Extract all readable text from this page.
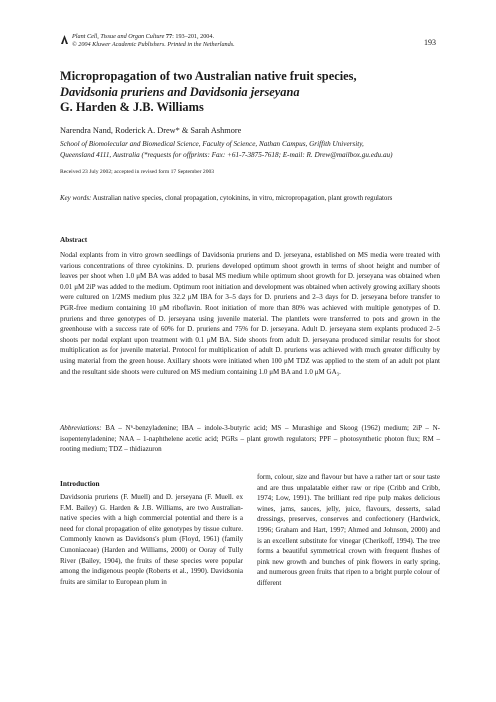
Plant Cell, Tissue and Organ Culture 77: 193–201, 2004.
© 2004 Kluwer Academic Publishers. Printed in the Netherlands.	193
Micropropagation of two Australian native fruit species,
Davidsonia pruriens and Davidsonia jerseyana
G. Harden & J.B. Williams
Narendra Nand, Roderick A. Drew* & Sarah Ashmore
School of Biomolecular and Biomedical Science, Faculty of Science, Nathan Campus, Griffith University,
Queensland 4111, Australia (*requests for offprints: Fax: +61-7-3875-7618; E-mail: R. Drew@mailbox.gu.edu.au)
Received 23 July 2002; accepted in revised form 17 September 2003
Key words: Australian native species, clonal propagation, cytokinins, in vitro, micropropagation, plant growth regulators
Abstract
Nodal explants from in vitro grown seedlings of Davidsonia pruriens and D. jerseyana, established on MS media were treated with various concentrations of three cytokinins. D. pruriens developed optimum shoot growth in terms of shoot height and number of leaves per shoot when 1.0 μM BA was added to basal MS medium while optimum shoot growth for D. jerseyana was obtained when 0.01 μM 2iP was added to the medium. Optimum root initiation and development was obtained when actively growing axillary shoots were cultured on 1/2MS medium plus 32.2 μM IBA for 3–5 days for D. pruriens and 2–3 days for D. jerseyana before transfer to PGR-free medium containing 10 μM riboflavin. Root initiation of more than 80% was achieved with multiple genotypes of D. pruriens and three genotypes of D. jerseyana using juvenile material. The plantlets were transferred to pots and grown in the greenhouse with a success rate of 60% for D. pruriens and 75% for D. jerseyana. Adult D. jerseyana stem explants produced 2–5 shoots per nodal explant upon treatment with 0.1 μM BA. Side shoots from adult D. jerseyana produced similar results for shoot multiplication as for juvenile material. Protocol for multiplication of adult D. pruriens was achieved with much greater difficulty by using material from the green house. Axillary shoots were initiated when 100 μM TDZ was applied to the stem of an adult pot plant and the resultant side shoots were cultured on MS medium containing 1.0 μM BA and 1.0 μM GA₃.
Abbreviations: BA – N⁶-benzyladenine; IBA – indole-3-butyric acid; MS – Murashige and Skoog (1962) medium; 2iP – N-isopentenyladenine; NAA – 1-naphthelene acetic acid; PGRs – plant growth regulators; PPF – photosynthetic photon flux; RM – rooting medium; TDZ – thidiazuron
Introduction
Davidsonia pruriens (F. Muell) and D. jerseyana (F. Muell. ex F.M. Bailey) G. Harden & J.B. Williams, are two Australian-native species with a high commercial potential and there is a need for clonal propagation of elite genotypes by tissue culture. Commonly known as Davidsons's plum (Floyd, 1961) (family Cunoniaceae) (Harden and Williams, 2000) or Ooray of Tully River (Bailey, 1904), the fruits of these species were popular among the indigenous people (Roberts et al., 1990). Davidsonia fruits are similar to European plum in
form, colour, size and flavour but have a rather tart or sour taste and are thus unpalatable either raw or ripe (Cribb and Cribb, 1974; Low, 1991). The brilliant red ripe pulp makes delicious wines, jams, sauces, jelly, juice, flavours, desserts, salad dressings, preserves, conserves and confectionery (Hardwick, 1996; Graham and Hart, 1997; Ahmed and Johnson, 2000) and is an excellent substitute for vinegar (Cherikoff, 1994). The tree forms a beautiful symmetrical crown with frequent flushes of pink new growth and bunches of pink flowers in early spring, and numerous green fruits that ripen to a bright purple colour of different
